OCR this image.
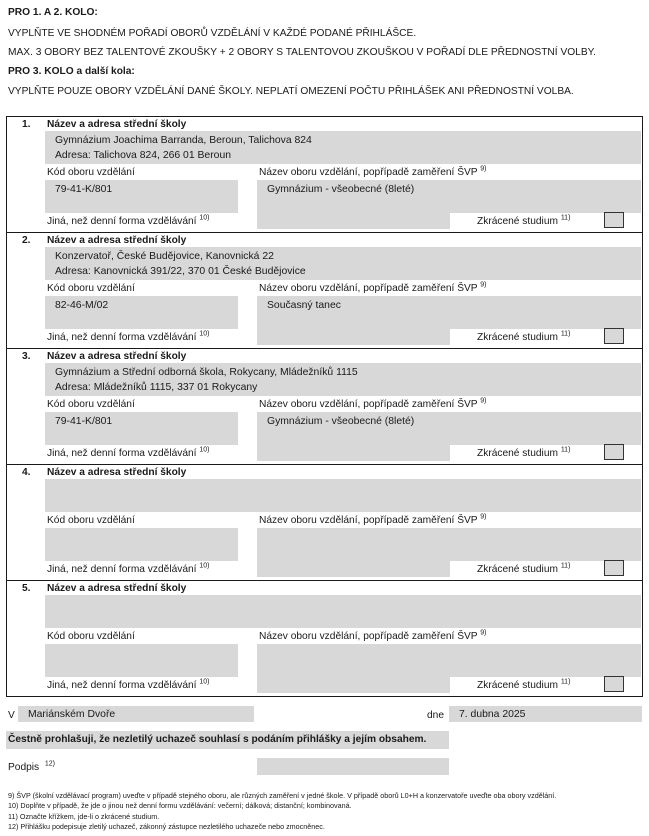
PRO 1. A 2. KOLO:
VYPLŇTE VE SHODNÉM POŘADÍ OBORŮ VZDĚLÁNÍ V KAŽDÉ PODANÉ PŘIHLÁŠCE.
MAX. 3 OBORY BEZ TALENTOVÉ ZKOUŠKY + 2 OBORY S TALENTOVOU ZKOUŠKOU V POŘADÍ DLE PŘEDNOSTNÍ VOLBY.
PRO 3. KOLO a další kola:
VYPLŇTE POUZE OBORY VZDĚLÁNÍ DANÉ ŠKOLY. NEPLATÍ OMEZENÍ POČTU PŘIHLÁŠEK ANI PŘEDNOSTNÍ VOLBA.
1. Název a adresa střední školy
Gymnázium Joachima Barranda, Beroun, Talichova 824
Adresa: Talichova 824, 266 01 Beroun
Kód oboru vzdělání	Název oboru vzdělání, popřípadě zaměření ŠVP $^{9)}$
79-41-K/801	Gymnázium - všeobecné (8leté)
Jiná, než denní forma vzdělávání $^{10)}$	Zkrácené studium $^{11)}$
2. Název a adresa střední školy
Konzervatoř, České Budějovice, Kanovnická 22
Adresa: Kanovnická 391/22, 370 01 České Budějovice
Kód oboru vzdělání	Název oboru vzdělání, popřípadě zaměření ŠVP $^{9)}$
82-46-M/02	Současný tanec
Jiná, než denní forma vzdělávání $^{10)}$	Zkrácené studium $^{11)}$
3. Název a adresa střední školy
Gymnázium a Střední odborná škola, Rokycany, Mládežníků 1115
Adresa: Mládežníků 1115, 337 01 Rokycany
Kód oboru vzdělání	Název oboru vzdělání, popřípadě zaměření ŠVP $^{9)}$
79-41-K/801	Gymnázium - všeobecné (8leté)
Jiná, než denní forma vzdělávání $^{10)}$	Zkrácené studium $^{11)}$
4. Název a adresa střední školy
Kód oboru vzdělání	Název oboru vzdělání, popřípadě zaměření ŠVP $^{9)}$
Jiná, než denní forma vzdělávání $^{10)}$	Zkrácené studium $^{11)}$
5. Název a adresa střední školy
Kód oboru vzdělání	Název oboru vzdělání, popřípadě zaměření ŠVP $^{9)}$
Jiná, než denní forma vzdělávání $^{10)}$	Zkrácené studium $^{11)}$
V	Mariánském Dvoře	dne	7. dubna 2025
Čestně prohlašuji, že nezletilý uchazeč souhlasí s podáním přihlášky a jejím obsahem.
Podpis $^{12)}$
9) ŠVP (školní vzdělávací program) uveďte v případě stejného oboru, ale různých zaměření v jedné škole. V případě oborů L0+H a konzervatoře uveďte oba obory vzdělání.
10) Doplňte v případě, že jde o jinou než denní formu vzdělávání: večerní; dálková; distanční; kombinovaná.
11) Označte křížkem, jde-li o zkrácené studium.
12) Přihlášku podepisuje zletilý uchazeč, zákonný zástupce nezletilého uchazeče nebo zmocněnec.
